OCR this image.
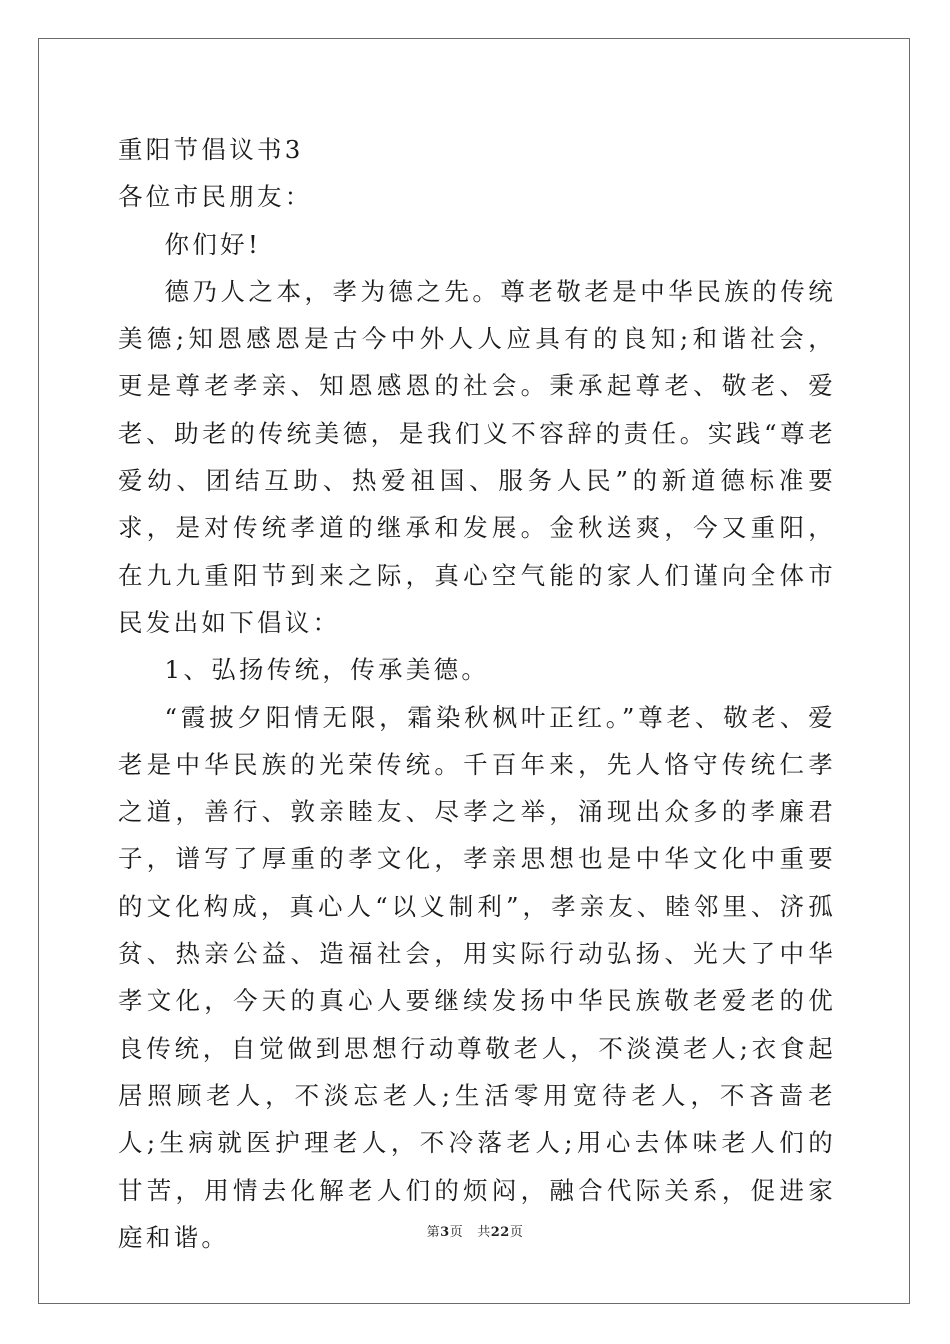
重阳节倡议书3

各位市民朋友：

你们好!

德乃人之本，孝为德之先。尊老敬老是中华民族的传统美德;知恩感恩是古今中外人人应具有的良知;和谐社会，更是尊老孝亲、知恩感恩的社会。秉承起尊老、敬老、爱老、助老的传统美德，是我们义不容辞的责任。实践“尊老爱幼、团结互助、热爱祖国、服务人民”的新道德标准要求，是对传统孝道的继承和发展。金秋送爽，今又重阳，在九九重阳节到来之际，真心空气能的家人们谨向全体市民发出如下倡议：

1、弘扬传统，传承美德。

“霞披夕阳情无限，霜染秋枫叶正红。”尊老、敬老、爱老是中华民族的光荣传统。千百年来，先人恪守传统仁孝之道，善行、敦亲睦友、尽孝之举，涌现出众多的孝廉君子，谱写了厚重的孝文化，孝亲思想也是中华文化中重要的文化构成，真心人“以义制利”，孝亲友、睦邻里、济孤贫、热亲公益、造福社会，用实际行动弘扬、光大了中华孝文化，今天的真心人要继续发扬中华民族敬老爱老的优良传统，自觉做到思想行动尊敬老人，不淡漠老人;衣食起居照顾老人，不淡忘老人;生活零用宽待老人，不吝啬老人;生病就医护理老人，不冷落老人;用心去体味老人们的甘苦，用情去化解老人们的烦闷，融合代际关系，促进家庭和谐。	第3页 共22页
